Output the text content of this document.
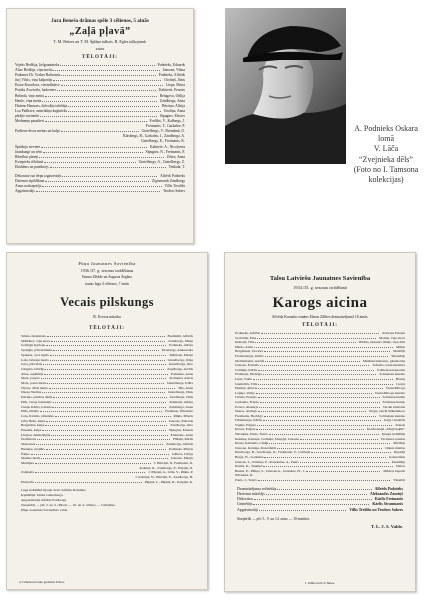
Jara Beneša drāmas spēle 3 cēlienos, 5 ainās
„Zaļā pļavā”
T. M. Brūzes un T. M. Šplāņa tulkots. R. Egles tulkojumā.
saturs
TĒLOTĀJI:
Vejeks Hedžija, lielgruntnieks	Podnieks, Eduards
Alise Hedžija, viņa meita	Jansone, Vilma
Padomes Dr. Vorkes Baltromis	Podnieks, Alfrēds
Jurj Vilsts, viņa kalpotājs	Ozoliņš, Jānis
Eroze Kuradova, viesmīlniece	Liepa, Marta
Patriks Zweivela, barkeners	Kalnietis, Ernests
Belinda, viņa meita	Belugova, Otīlija
Hanlo, viņa meita	Zandbergs, Anna
Dzāene Hansons, dzīvokļu izīrētāja	Bērziņa, Alīsija
Loa Pailbave, amerikāņu kuģinieks	Ozoliņa, Anna
pārējie tuvinieki	Sīpugins, Morics
Medmeņu pasažieri	Freilibs, V., Kalbergs, J.
Freimanis, T., Garkalne, P.
Puišiene divas meitas un kalpi	Gintelbergs, V., Bremšmā, O.
Klasbergs, R., Garkalns, J., Zandberga, A.
Gintelbergs, E., Freimanis, K.
Šprāžeju sieviete	Kalniete, A., Nicoļcerta
Jaunkungi un zēni	Sīpugins, N., Freimanis, F.
Bērnības pāreņi	Zebra, Anna
Kvinpiešu tēlošanā	Gintelbergs, A., Gintelbergs, Z.
Ekuhēms un pateiktojs	Tenkala, T.
Dekoratori un tērpu izgatavotājs	Alfrēds Podnieks
Dziesmu izpildīšana	Zigismunds Zandbergs
Ainas noskaņotājs	Villis Treulibs
Apgaismotājs	Teodors Sakers
A. Podnieks Oskara
lomā
V. Lāča
“Zvejnieka dēls”
(Foto no I. Tamsona
kolekcijas)
Pūņu Jaunatnes Savienība
1936./37. g. sezonas izrādīšanas
Emma Zētāde un Augusta Šegāna
tautas luga 4 cēlienos, 7 ainās
Vecais pilskungs
R. Eversa mūzika
TĒLOTĀJI:
Sibins, muiznieks	Bremšmā, Alfrēds
Mādrīnes, viņa sieva	Zandberga, Maija
Jodringu Ķerbajs	Podnieka, Alīsija
Spriņģis, pārvaldnieks	Klasbergs, Aleksandrs
Spuļans, vecs ieprīs	Mētrieņš, Marija
Laža, bērzaju meita	Gintelberga, Jēma
Gata, pārvalnis	Gintelbergs, Otto
Cārgarts, bērzājs	Zandbergs, Arvīds
Alisa, saņēmēja	Podnieka, Anna
Mute, poepre	Podnieka, Annas
Mols, poera meita	Gintelberga, Klāra
Cīpara, Jānis meita	Zīle, Anna
Jēzeps Nudins	Gintelbergs, Jānis
Petriņis, pilsētas melis	Zandbergs, Jānis
Pēfa, vezqe fatanieķis	Kalnietis, Alīsija
Cuzņu Kārlis, balonis	Zandberga, Anna
Pūša, bēralis	Freimane, Elizabete
Lara, Kvinlis, pilsnieks	Rūķis, Pēteris
Lilla Heile, kalps	Jansons, Eduards
Berģerēns, kalps	Zandbergs, Otto
Pieteiks, kalps	Sīpugins, Ernests
Lielpsu, dzimtslēgtis	Freimane, Anna
Nodlistons	Flīkiņš, Kārlis
Skaterests	Zandbergs, Alfrēds
Hansipe, ruzpilis	Podnieks, Pēteris
Šaitps	Gēbera, Lūcija
Muzike meita	Jansone, Marija
Multipirs	J. Bērziņš, N. Freimanis, O.
Kalniņš, R., Zandbergs, E., Pūpiņš, O.
Zaļinskis	J. Pūpiņš, A., Gāle, V., Rūķis, P.
J. Kalniņš, N., Bērziņš, E., Zandbergs, B.
Elenorāu	Pūpiņš, L., Pūpiņš, R., Kalpiņš, K.
Luga izrādāmā atļauju devis Alfrēds Podnieks.
Izpildītāja: Imma Gintelberga.
Apgaismotājs Alfrēds Feldbergs.
Starpbrīdi — pēc 2. un 3. cēliena — 10, un 4. cēliena — 5 minūtes.
Pūņu Jaunatnes Savienības valde.
4. Cēliens un tautu gredzens Talsos.
Talsu Latviešu Jaunatnes Savienība
1934./35. g. sezonas izrādīšanā
Karogs aicina
Alfrēda Karnaša romāns Elmas Zālītes dramatizējumā 18 ainās.
TĒLOTĀJI:
Podnieks, Alfrēds	Kristaps Peleņis
Vecbrālis, Ema	Matilja, viņa sieva
Kimoņš, Vilis	Dāvīds, meistars Ošiņš, viņa dēls
Pīkols, Antis	Mējus
Bergmanis, Teodors	Mazītājs
Freidenbergs, Kārlis	Sīnatelājs
Molmalbeišs, Adolfs	Muižniecmeisteru, glezniotājs
Jansons, Ernolds	Tafnolis, tautu meistars
Celmiņš, Kārlis	Solmeisau kapteinis
Freimane, Hedviga	Solmeisau kundze
Liete, Valda	Hanna
Jaunbrūžs, Vilis	Liezja
Pleniņš, Alberts	Vucneiblbogs
Lapiņa, Valija	Vucneiblbogs kundze
Cirulis, Ernests	Solmeisu kunde
Garkalnа, Frieda	Solmeisu kunde
Porecs, Aleksejs	Vecam kladonis
Skarss, Andrejs	Nogis, vaicēt māksliniece
Freimanis, Hedviga	Solmeisau kundze
Frīdenbergs, Kārlis	Kaģs viesnīcās
Vaņins, Edgars	Kausis
Klosts, Edgars	Konferansjē „Zilajā kaķīti”
Nāvnieks, Pauls, Teatrs	Kuņķa izrādītājs
Keksiņe, Kalniņa, Celmiņa, Sloņeļja, Jansone	Vecsmeru naudas
Klons, Kalnietis, Cēsēji	Miclīnis
Jansone, Kalniņa, Rozenfeldt	Onkas muižas
Klestbergs, B., Sotešlaiņa, O., Treimanis, V., Celmiņš	Dejotāji
Berģa, Fr., Garkalne	Kontrelikis
Jansons, L., Kalniņa, F., Rozekalne, A., Pauls	Pasnātāja
Klams, K., Tuumpš	Valkas
Barkis, E., Pūliņa, S., Jansons G., Garkalne, Fr., J.	Māsitas kapelis
Nāvnieks, K.
Pauls, J., Teatrs	Viesnīdi
Dramatizējuma režisētājs	Alfrēds Podnieks
Dziesmu mācītājs	Aleksandrs Zauriņš
Dekoratos	Kārlis Freimanis
Grimētājs	Kārlis Straumanis
Apgaismotāji	Villis Treilibs un Teodors Sakers
Starpbrīži — pēc 5., 9. un 14. ainas — 10 minūtes.
T. L. J. S. Valde.
J. Glūda un K-b Talsos.
